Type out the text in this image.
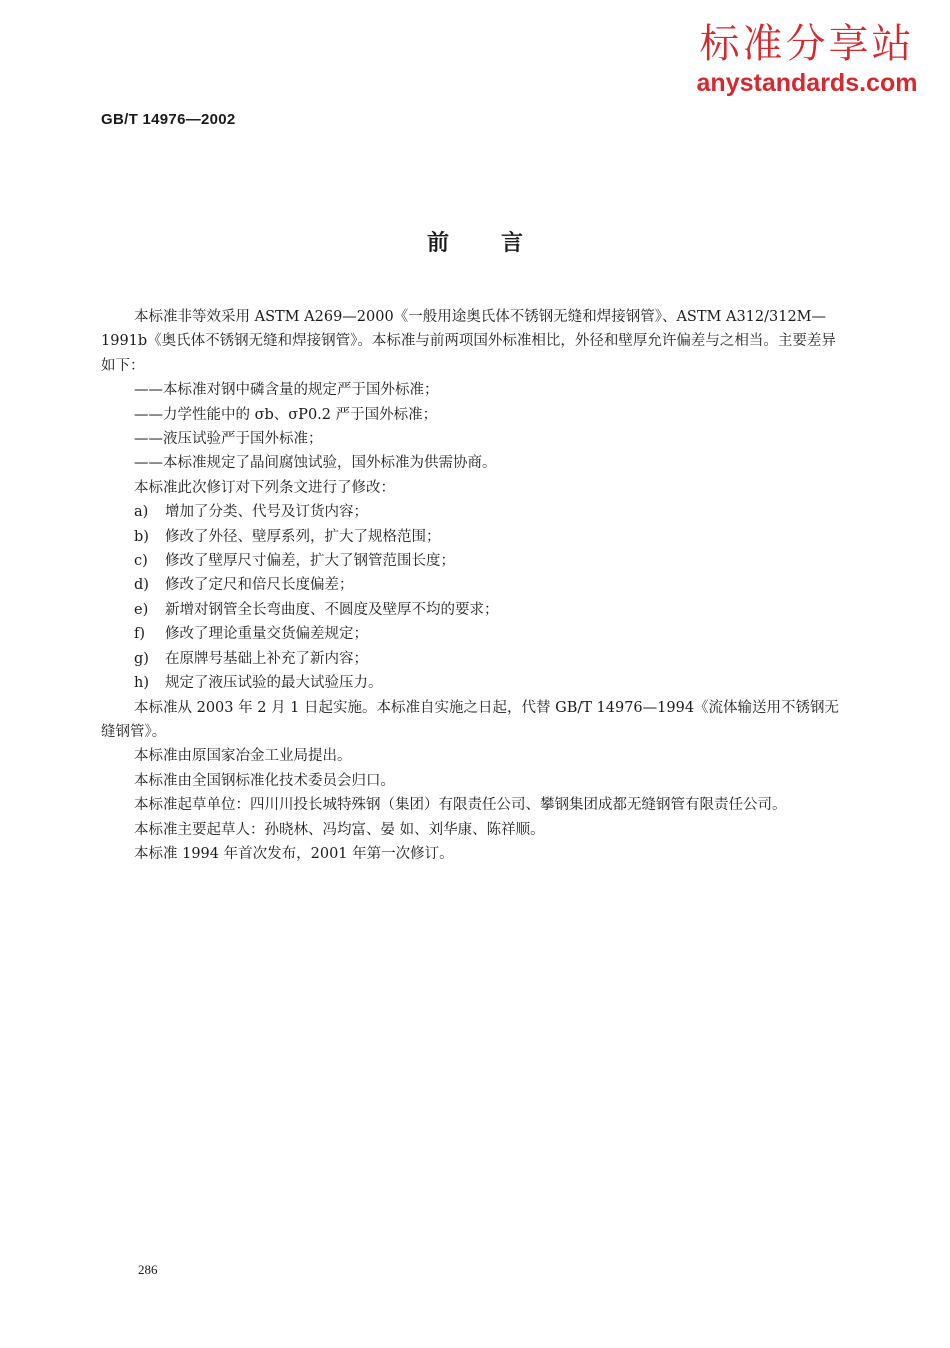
标准分享站
anystandards.com
GB/T 14976—2002
前言

本标准非等效采用 ASTM A269—2000《一般用途奥氏体不锈钢无缝和焊接钢管》、ASTM A312/312M—1991b《奥氏体不锈钢无缝和焊接钢管》。本标准与前两项国外标准相比，外径和壁厚允许偏差与之相当。主要差异如下：

——本标准对钢中磷含量的规定严于国外标准；

——力学性能中的 σb、σP0.2 严于国外标准；

——液压试验严于国外标准；

——本标准规定了晶间腐蚀试验，国外标准为供需协商。

本标准此次修订对下列条文进行了修改：

a) 增加了分类、代号及订货内容；

b) 修改了外径、壁厚系列，扩大了规格范围；

c) 修改了壁厚尺寸偏差，扩大了钢管范围长度；

d) 修改了定尺和倍尺长度偏差；

e) 新增对钢管全长弯曲度、不圆度及壁厚不均的要求；

f) 修改了理论重量交货偏差规定；

g) 在原牌号基础上补充了新内容；

h) 规定了液压试验的最大试验压力。

本标准从 2003 年 2 月 1 日起实施。本标准自实施之日起，代替 GB/T 14976—1994《流体输送用不锈钢无缝钢管》。

本标准由原国家冶金工业局提出。

本标准由全国钢标准化技术委员会归口。

本标准起草单位：四川川投长城特殊钢（集团）有限责任公司、攀钢集团成都无缝钢管有限责任公司。

本标准主要起草人：孙晓林、冯均富、晏 如、刘华康、陈祥顺。

本标准 1994 年首次发布，2001 年第一次修订。

286
